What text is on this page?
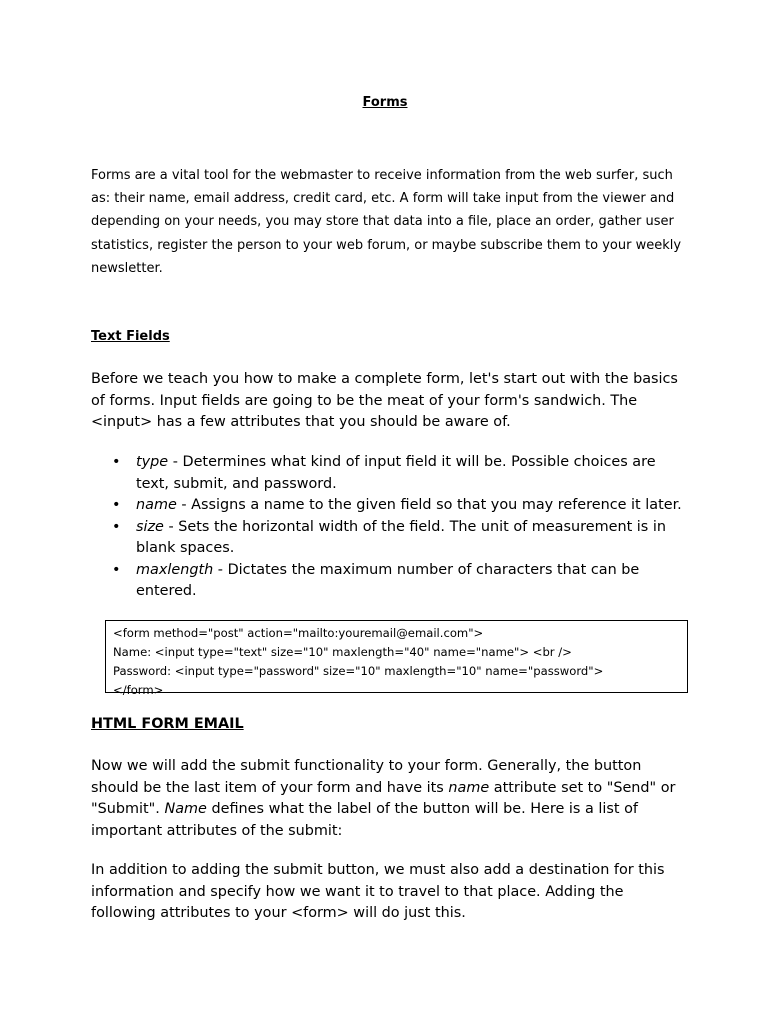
Forms

Forms are a vital tool for the webmaster to receive information from the web surfer, such as: their name, email address, credit card, etc. A form will take input from the viewer and depending on your needs, you may store that data into a file, place an order, gather user statistics, register the person to your web forum, or maybe subscribe them to your weekly newsletter.

Text Fields

Before we teach you how to make a complete form, let's start out with the basics of forms. Input fields are going to be the meat of your form's sandwich. The <input> has a few attributes that you should be aware of.

• type - Determines what kind of input field it will be. Possible choices are text, submit, and password.
• name - Assigns a name to the given field so that you may reference it later.
• size - Sets the horizontal width of the field. The unit of measurement is in blank spaces.
• maxlength - Dictates the maximum number of characters that can be entered.

<form method="post" action="mailto:youremail@email.com">

Name: <input type="text" size="10" maxlength="40" name="name"> <br />

Password: <input type="password" size="10" maxlength="10" name="password">

</form>

HTML FORM EMAIL

Now we will add the submit functionality to your form. Generally, the button should be the last item of your form and have its name attribute set to "Send" or "Submit". Name defines what the label of the button will be. Here is a list of important attributes of the submit:

In addition to adding the submit button, we must also add a destination for this information and specify how we want it to travel to that place. Adding the following attributes to your <form> will do just this.
